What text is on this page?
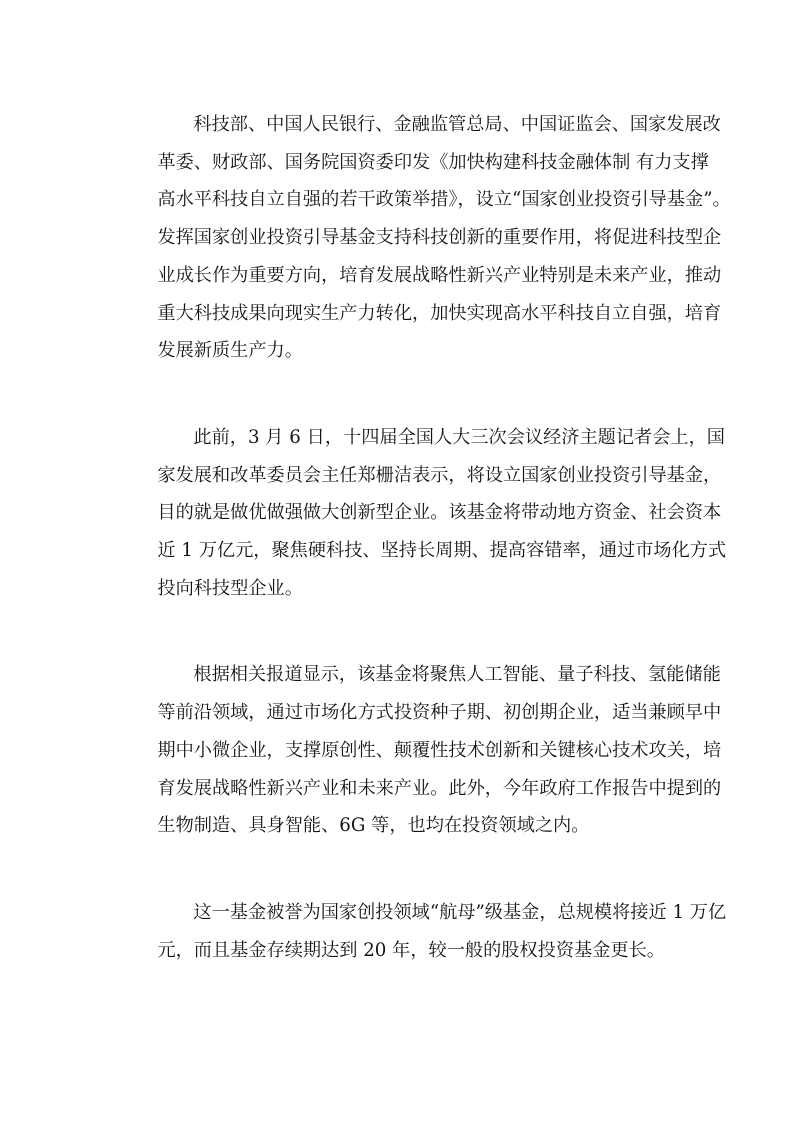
科技部、中国人民银行、金融监管总局、中国证监会、国家发展改
革委、财政部、国务院国资委印发《加快构建科技金融体制 有力支撑
高水平科技自立自强的若干政策举措》，设立“国家创业投资引导基金”。
发挥国家创业投资引导基金支持科技创新的重要作用，将促进科技型企
业成长作为重要方向，培育发展战略性新兴产业特别是未来产业，推动
重大科技成果向现实生产力转化，加快实现高水平科技自立自强，培育
发展新质生产力。

此前，3 月 6 日，十四届全国人大三次会议经济主题记者会上，国
家发展和改革委员会主任郑栅洁表示，将设立国家创业投资引导基金，
目的就是做优做强做大创新型企业。该基金将带动地方资金、社会资本
近 1 万亿元，聚焦硬科技、坚持长周期、提高容错率，通过市场化方式
投向科技型企业。

根据相关报道显示，该基金将聚焦人工智能、量子科技、氢能储能
等前沿领域，通过市场化方式投资种子期、初创期企业，适当兼顾早中
期中小微企业，支撑原创性、颠覆性技术创新和关键核心技术攻关，培
育发展战略性新兴产业和未来产业。此外，今年政府工作报告中提到的
生物制造、具身智能、6G 等，也均在投资领域之内。

这一基金被誉为国家创投领域“航母”级基金，总规模将接近 1 万亿
元，而且基金存续期达到 20 年，较一般的股权投资基金更长。
